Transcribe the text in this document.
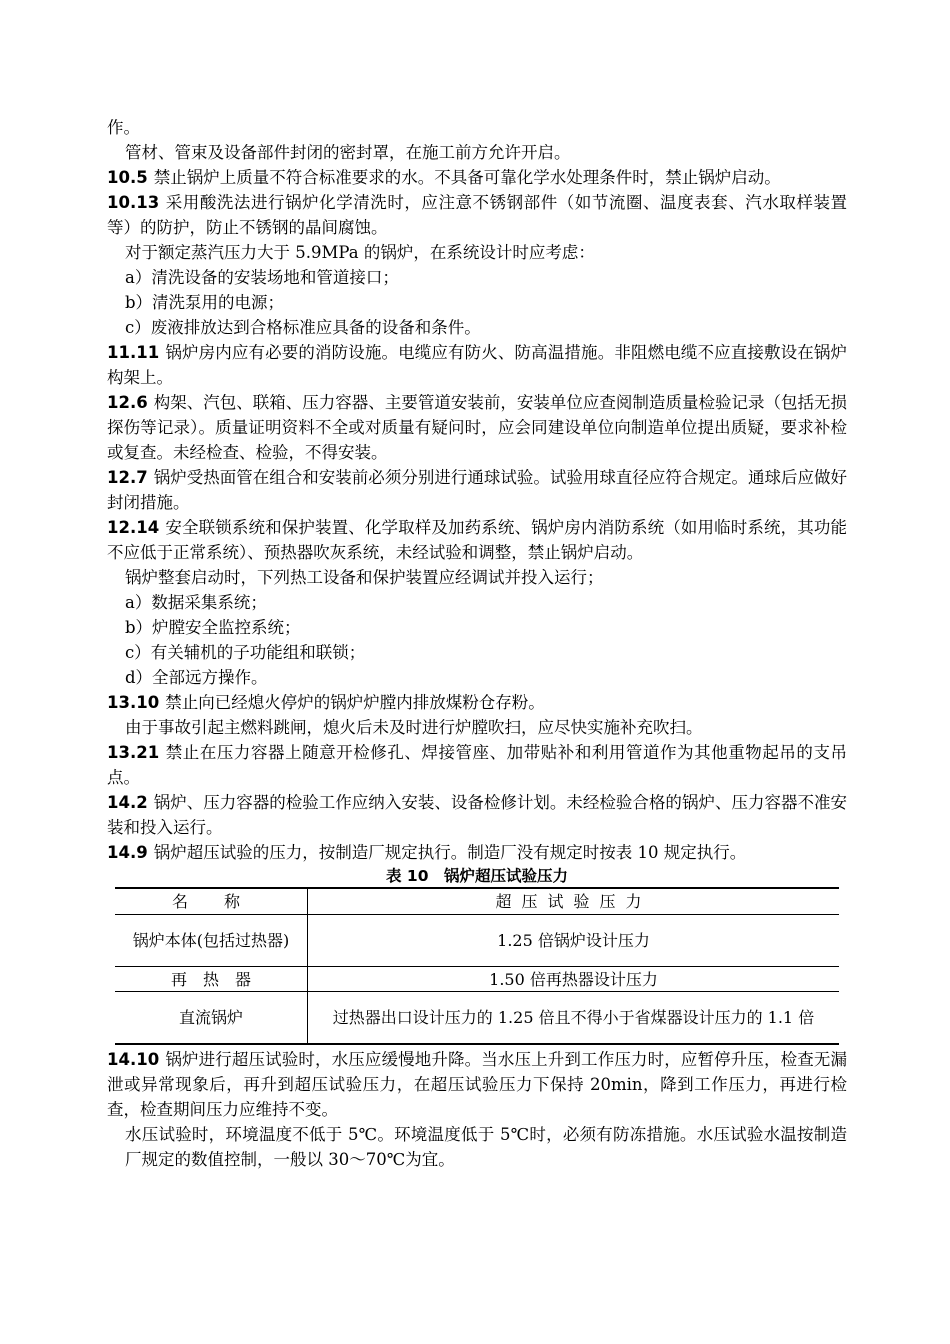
作。
管材、管束及设备部件封闭的密封罩，在施工前方允许开启。
10.5 禁止锅炉上质量不符合标准要求的水。不具备可靠化学水处理条件时，禁止锅炉启动。
10.13 采用酸洗法进行锅炉化学清洗时，应注意不锈钢部件（如节流圈、温度表套、汽水取样装置等）的防护，防止不锈钢的晶间腐蚀。
对于额定蒸汽压力大于 5.9MPa 的锅炉，在系统设计时应考虑：
a）清洗设备的安装场地和管道接口；
b）清洗泵用的电源；
c）废液排放达到合格标准应具备的设备和条件。
11.11 锅炉房内应有必要的消防设施。电缆应有防火、防高温措施。非阻燃电缆不应直接敷设在锅炉构架上。
12.6 构架、汽包、联箱、压力容器、主要管道安装前，安装单位应查阅制造质量检验记录（包括无损探伤等记录）。质量证明资料不全或对质量有疑问时，应会同建设单位向制造单位提出质疑，要求补检或复查。未经检查、检验，不得安装。
12.7 锅炉受热面管在组合和安装前必须分别进行通球试验。试验用球直径应符合规定。通球后应做好封闭措施。
12.14 安全联锁系统和保护装置、化学取样及加药系统、锅炉房内消防系统（如用临时系统，其功能不应低于正常系统）、预热器吹灰系统，未经试验和调整，禁止锅炉启动。
锅炉整套启动时，下列热工设备和保护装置应经调试并投入运行；
a）数据采集系统；
b）炉膛安全监控系统；
c）有关辅机的子功能组和联锁；
d）全部远方操作。
13.10 禁止向已经熄火停炉的锅炉炉膛内排放煤粉仓存粉。
由于事故引起主燃料跳闸，熄火后未及时进行炉膛吹扫，应尽快实施补充吹扫。
13.21 禁止在压力容器上随意开检修孔、焊接管座、加带贴补和利用管道作为其他重物起吊的支吊点。
14.2 锅炉、压力容器的检验工作应纳入安装、设备检修计划。未经检验合格的锅炉、压力容器不准安装和投入运行。
14.9 锅炉超压试验的压力，按制造厂规定执行。制造厂没有规定时按表 10 规定执行。
表 10　锅炉超压试验压力
名　称	超压试验压力
锅炉本体(包括过热器)	1.25 倍锅炉设计压力
再　热　器	1.50 倍再热器设计压力
直流锅炉	过热器出口设计压力的 1.25 倍且不得小于省煤器设计压力的 1.1 倍
14.10 锅炉进行超压试验时，水压应缓慢地升降。当水压上升到工作压力时，应暂停升压，检查无漏泄或异常现象后，再升到超压试验压力，在超压试验压力下保持 20min，降到工作压力，再进行检查，检查期间压力应维持不变。
水压试验时，环境温度不低于 5℃。环境温度低于 5℃时，必须有防冻措施。水压试验水温按制造厂规定的数值控制，一般以 30～70℃为宜。
